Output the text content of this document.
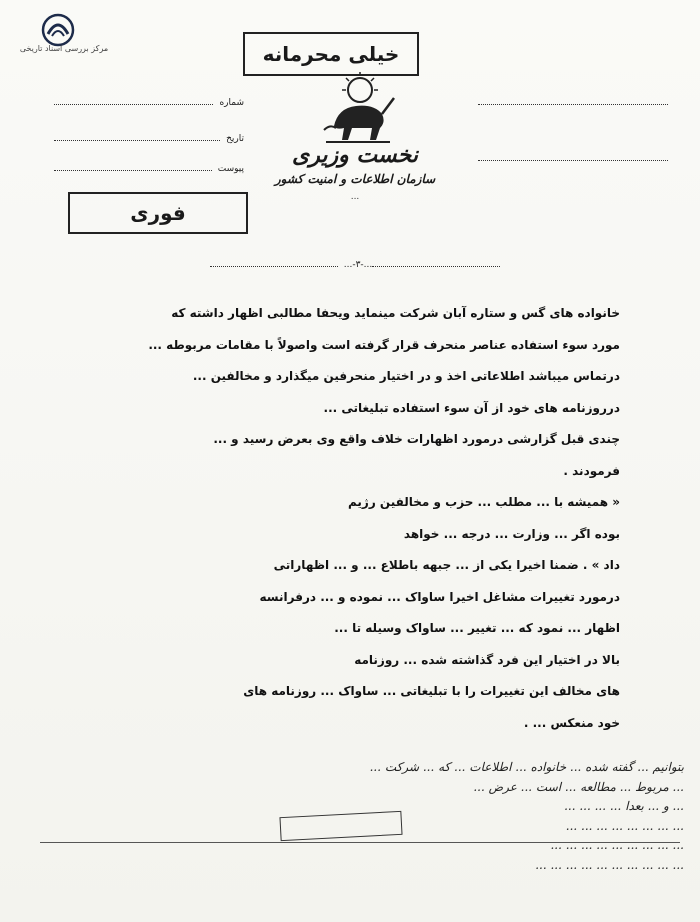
مرکز بررسی اسناد تاریخی	خیلی محرمانه
نخست وزیری
سازمان اطلاعات و امنیت کشور
...
شماره
تاریخ
پیوست
...-۳-...
فوری

خانواده های گس و ستاره آبان شرکت مینماید ویحفا مطالبی اظهار داشته که

مورد سوء استفاده عناصر منحرف قرار گرفته است واصولاً با مقامات مربوطه ...

درتماس میباشد اطلاعاتی اخذ و در اختیار منحرفین میگذارد و مخالفین ...

درروزنامه های خود از آن سوء استفاده تبلیغاتی ...

چندی قبل گزارشی درمورد اظهارات خلاف واقع وی بعرض رسید و ...

فرمودند .

« همیشه با ... مطلب ... حزب و مخالفین رژیم

بوده اگر ... وزارت ... درجه ... خواهد

داد » . ضمنا اخیرا یکی از ... جبهه باطلاع ... و ... اظهاراتی

درمورد تغییرات مشاغل اخیرا ساواک ... نموده و ... درفرانسه

اظهار ... نمود که ... تغییر ... ساواک وسیله تا ...

بالا در اختیار این فرد گذاشته شده ... روزنامه

های مخالف این تغییرات را با تبلیغاتی ... ساواک ... روزنامه های

خود منعکس ... .

بتوانیم ... گفته شده ... خانواده ... اطلاعات ... که ... شرکت ...

... مربوط ... مطالعه ... است ... عرض ...

... و ... بعدا ... ... ... ...

... ... ... ... ... ... ... ...

... ... ... ... ... ... ... ... ...

... ... ... ... ... ... ... ... ... ...
